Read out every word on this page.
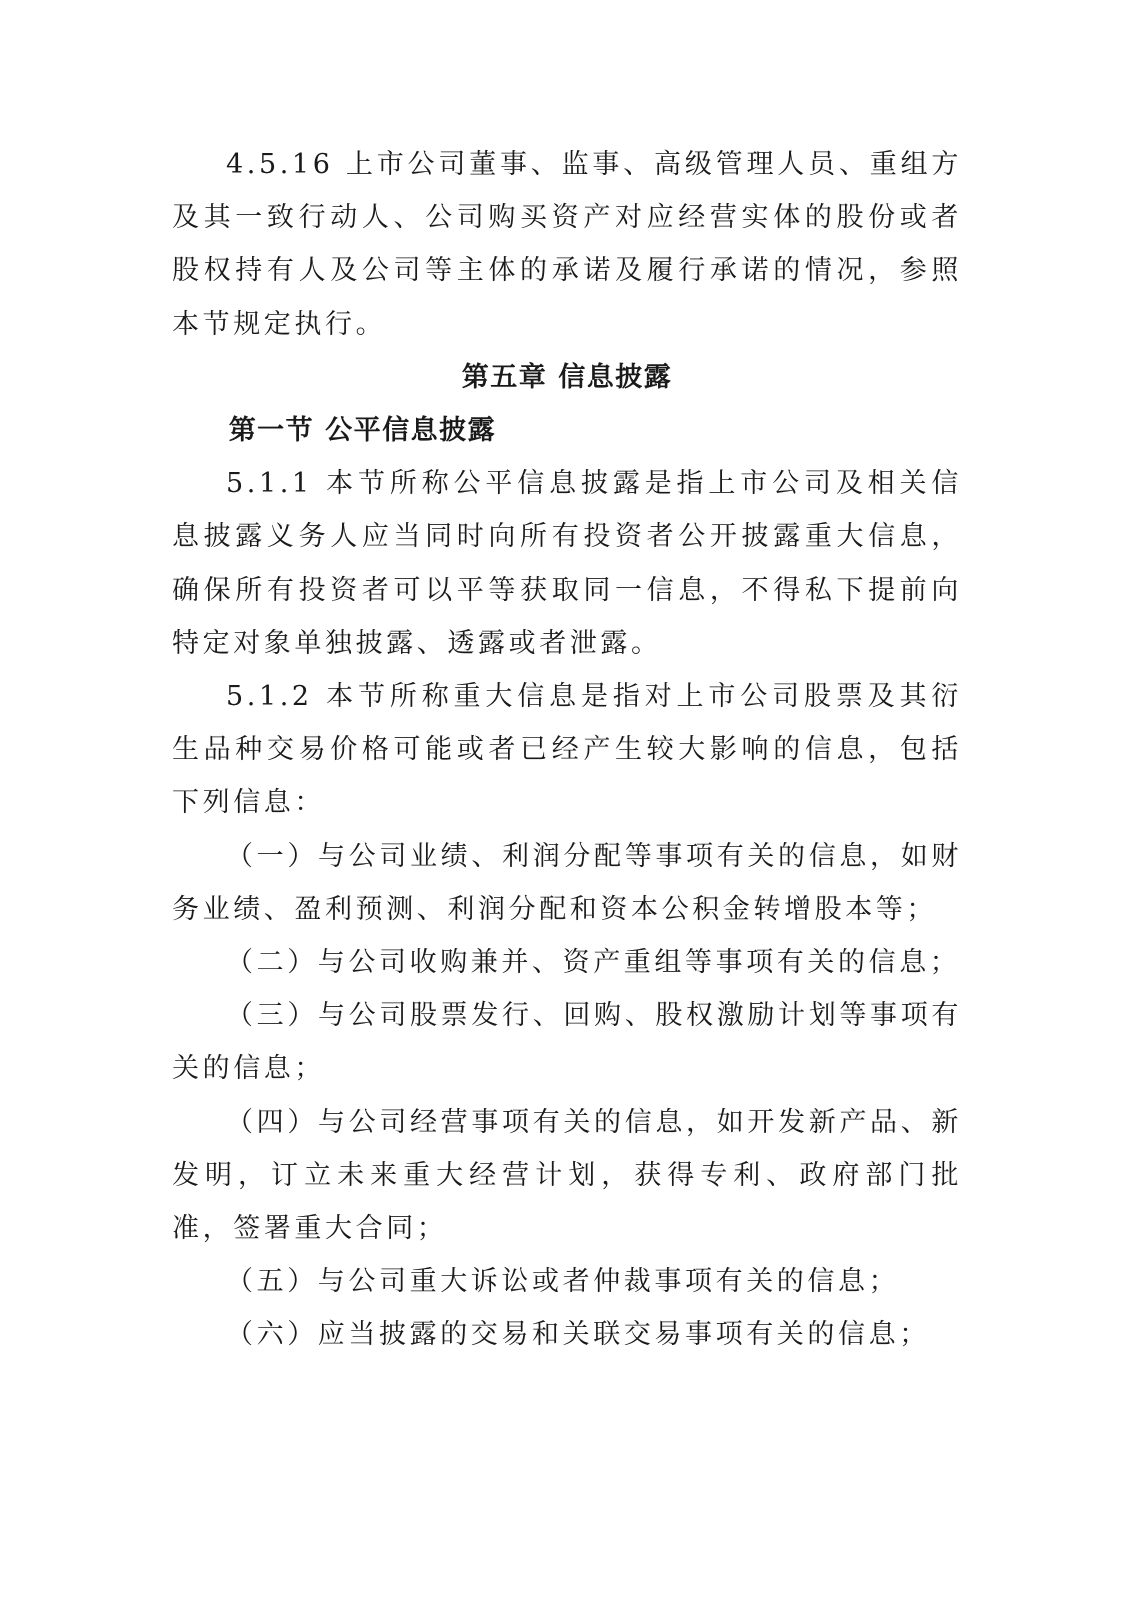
4.5.16 上市公司董事、监事、高级管理人员、重组方及其一致行动人、公司购买资产对应经营实体的股份或者股权持有人及公司等主体的承诺及履行承诺的情况，参照本节规定执行。

第五章 信息披露
第一节 公平信息披露

5.1.1 本节所称公平信息披露是指上市公司及相关信息披露义务人应当同时向所有投资者公开披露重大信息，确保所有投资者可以平等获取同一信息，不得私下提前向特定对象单独披露、透露或者泄露。

5.1.2 本节所称重大信息是指对上市公司股票及其衍生品种交易价格可能或者已经产生较大影响的信息，包括下列信息：

（一）与公司业绩、利润分配等事项有关的信息，如财务业绩、盈利预测、利润分配和资本公积金转增股本等；

（二）与公司收购兼并、资产重组等事项有关的信息；

（三）与公司股票发行、回购、股权激励计划等事项有关的信息；

（四）与公司经营事项有关的信息，如开发新产品、新发明，订立未来重大经营计划，获得专利、政府部门批准，签署重大合同；

（五）与公司重大诉讼或者仲裁事项有关的信息；

（六）应当披露的交易和关联交易事项有关的信息；
